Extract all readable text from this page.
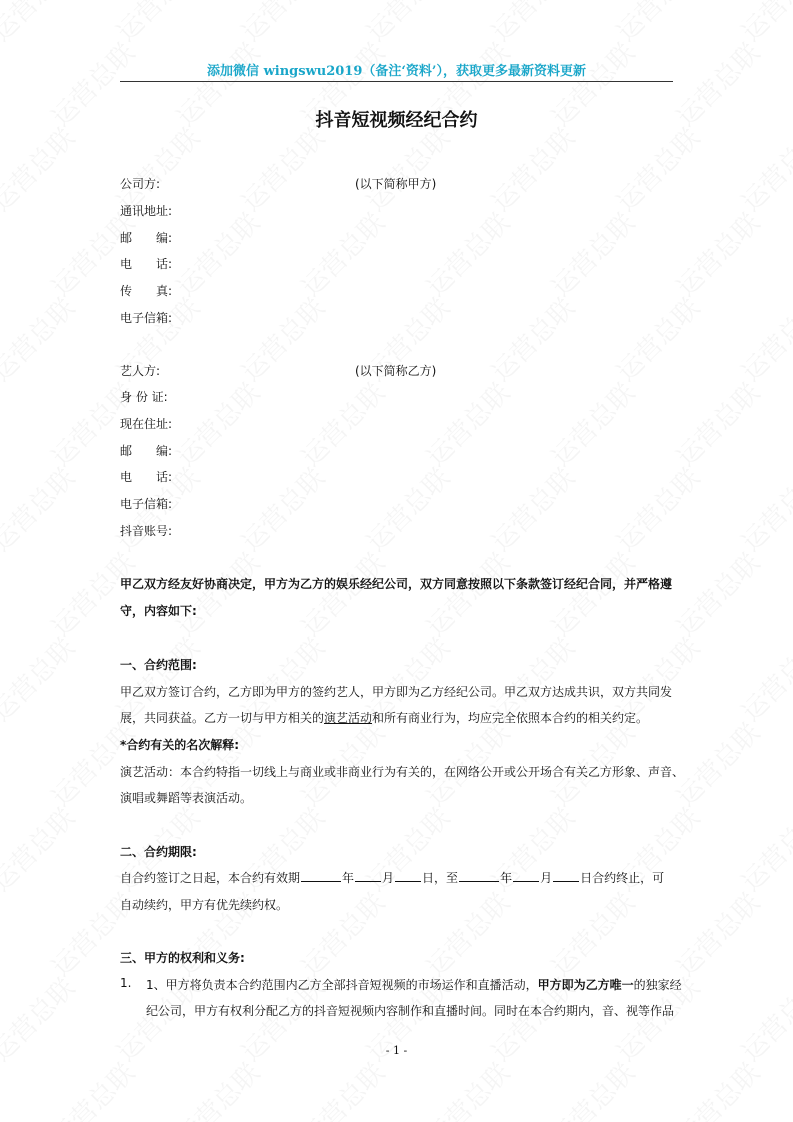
添加微信 wingswu2019（备注‘资料’），获取更多最新资料更新
抖音短视频经纪合约
公司方:	(以下简称甲方)
通讯地址:
邮　　编:
电　　话:
传　　真:
电子信箱:
艺人方:	(以下简称乙方)
身 份 证:
现在住址:
邮　　编:
电　　话:
电子信箱:
抖音账号:
甲乙双方经友好协商决定，甲方为乙方的娱乐经纪公司，双方同意按照以下条款签订经纪合同，并严格遵
守，内容如下:
一、合约范围:
甲乙双方签订合约，乙方即为甲方的签约艺人，甲方即为乙方经纪公司。甲乙双方达成共识，双方共同发
展，共同获益。乙方一切与甲方相关的演艺活动和所有商业行为，均应完全依照本合约的相关约定。
*合约有关的名次解释:
演艺活动：本合约特指一切线上与商业或非商业行为有关的，在网络公开或公开场合有关乙方形象、声音、
演唱或舞蹈等表演活动。
二、合约期限:
自合约签订之日起，本合约有效期	年 月 日，至	年 月 日合约终止，可
自动续约，甲方有优先续约权。
三、甲方的权利和义务:
1. 1、甲方将负责本合约范围内乙方全部抖音短视频的市场运作和直播活动，甲方即为乙方唯一的独家经
纪公司，甲方有权利分配乙方的抖音短视频内容制作和直播时间。同时在本合约期内，音、视等作品
- 1 -
